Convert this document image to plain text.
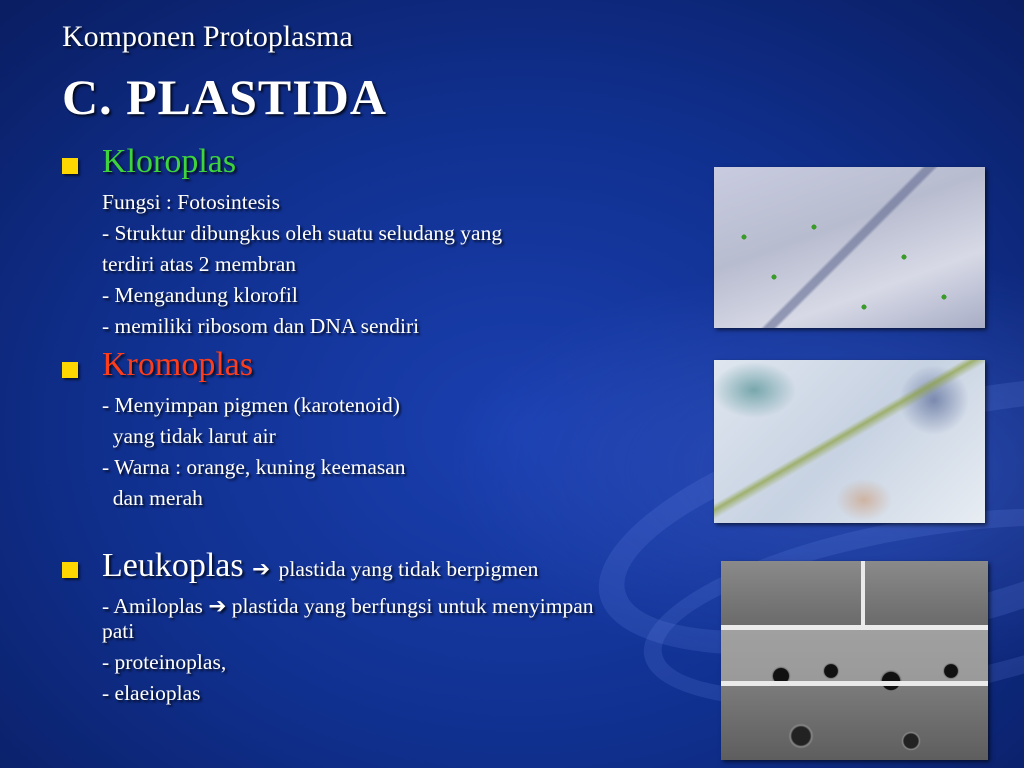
Komponen Protoplasma
C. PLASTIDA
Kloroplas
Fungsi : Fotosintesis
- Struktur dibungkus oleh suatu seludang yang
terdiri atas 2 membran
- Mengandung klorofil
- memiliki ribosom dan DNA sendiri
Kromoplas
- Menyimpan pigmen (karotenoid)
yang tidak larut air
- Warna : orange, kuning keemasan
dan merah
Leukoplas ➔ plastida yang tidak berpigmen
- Amiloplas ➔ plastida yang berfungsi untuk menyimpan
pati
- proteinoplas,
- elaeioplas
